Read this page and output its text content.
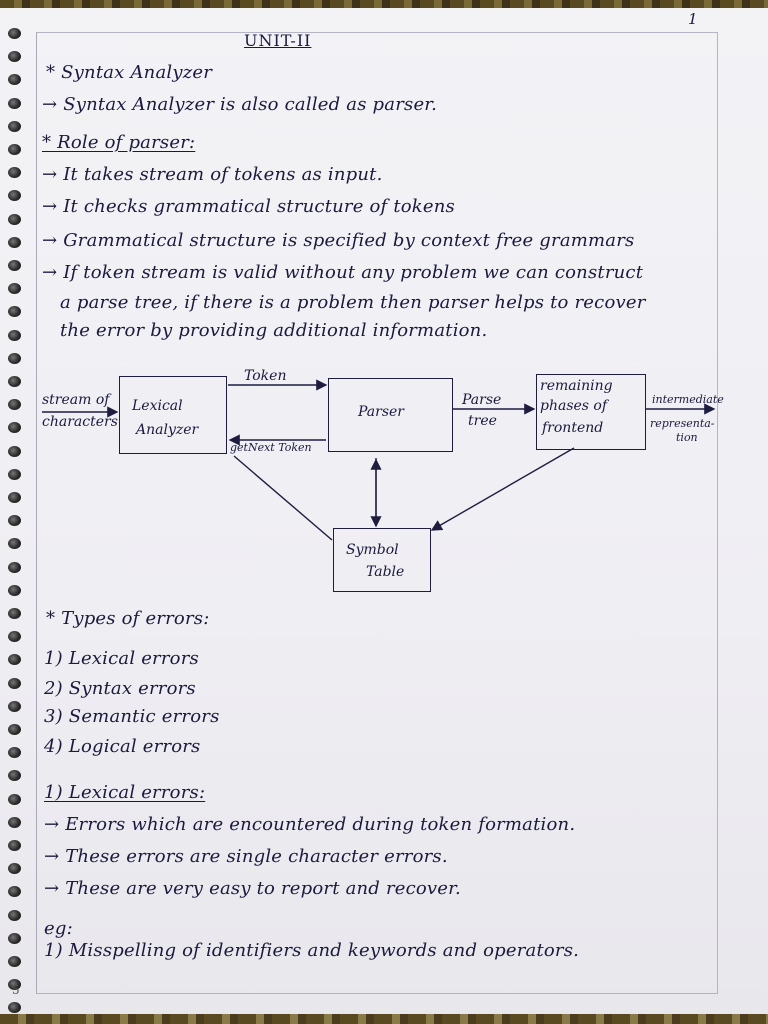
1
5
UNIT-II
* Syntax Analyzer
→ Syntax Analyzer is also called as parser.
* Role of parser:
→ It takes stream of tokens as input.
→ It checks grammatical structure of tokens
→ Grammatical structure is specified by context free grammars
→ If token stream is valid without any problem we can construct
a parse tree, if there is a problem then parser helps to recover
the error by providing additional information.
stream of
characters
Lexical
Analyzer
Token
getNext Token
Parser
Parse
tree
remaining
phases of
frontend
intermediate
representa-
tion
Symbol
Table
* Types of errors:
1) Lexical errors
2) Syntax errors
3) Semantic errors
4) Logical errors
1) Lexical errors:
→ Errors which are encountered during token formation.
→ These errors are single character errors.
→ These are very easy to report and recover.
eg:
1) Misspelling of identifiers and keywords and operators.
